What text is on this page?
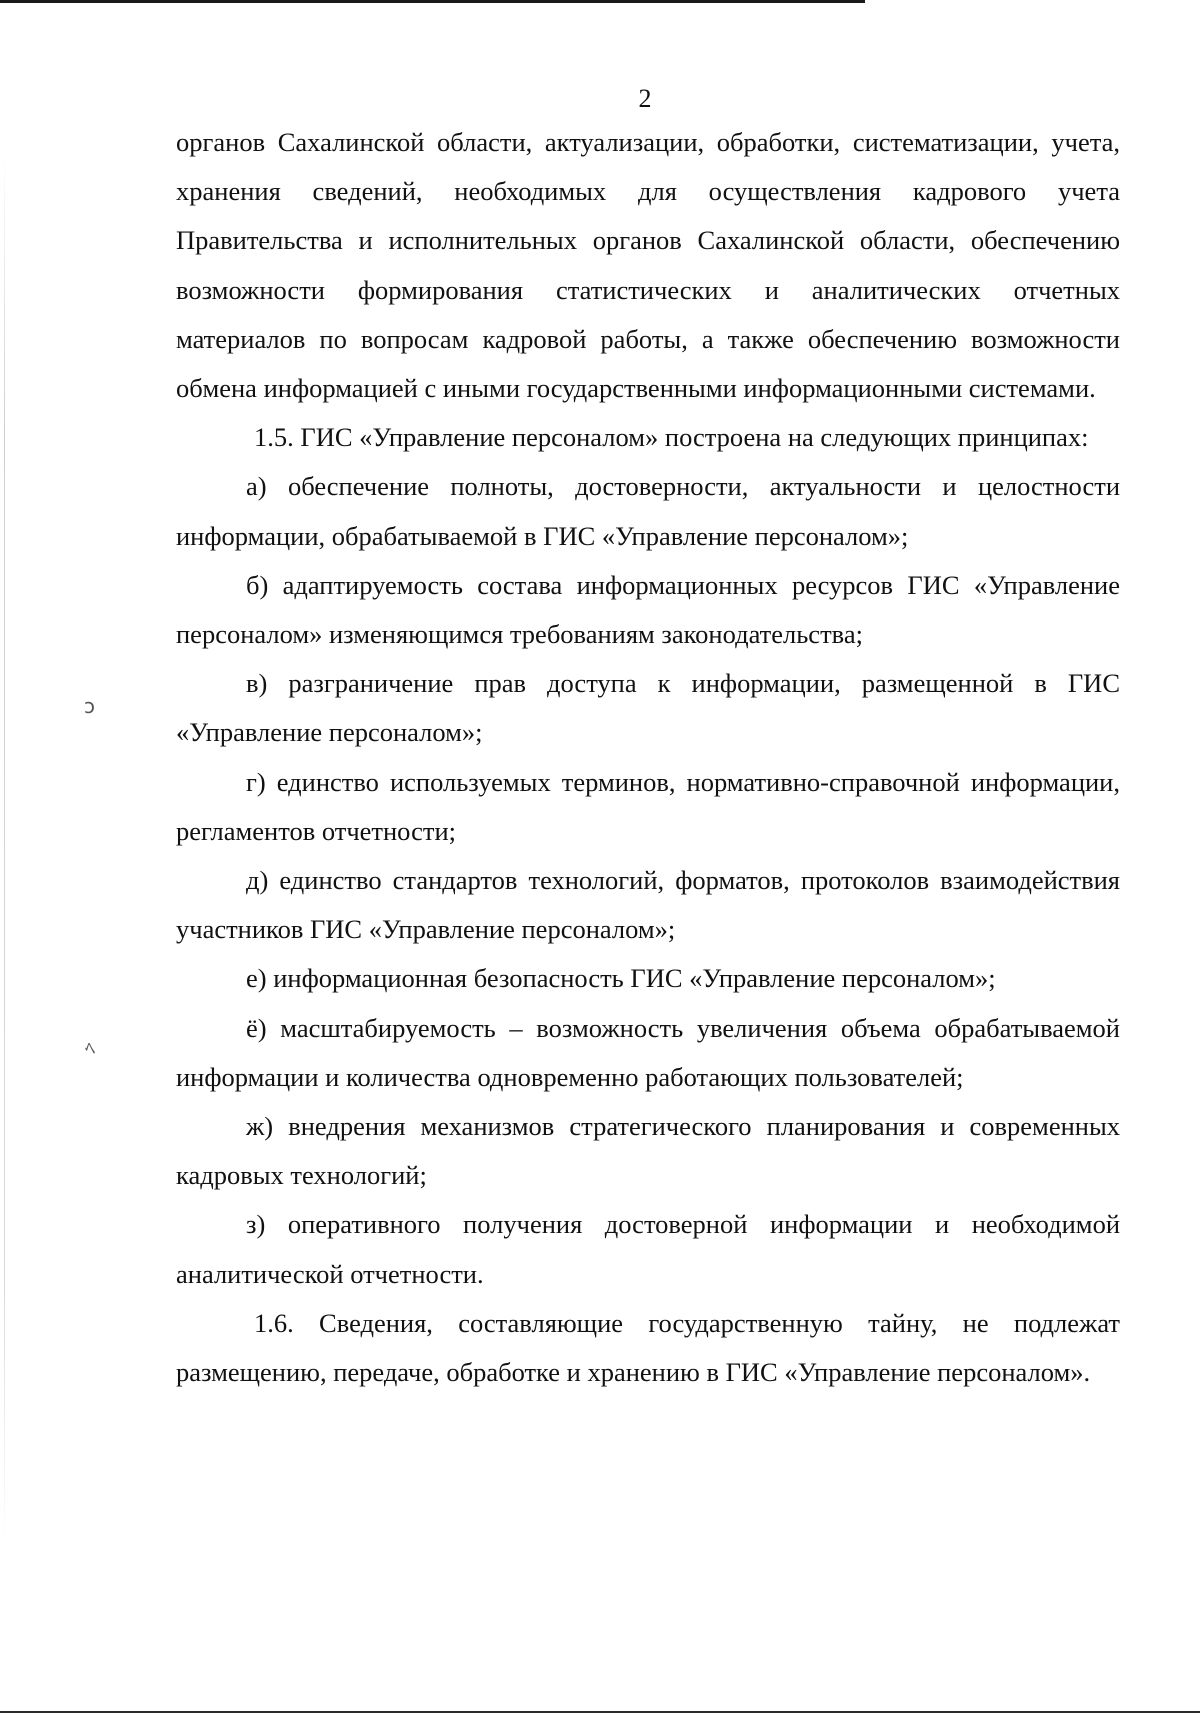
ↄ
ﾍ
2

органов Сахалинской области, актуализации, обработки, систематизации, учета, хранения сведений, необходимых для осуществления кадрового учета Правительства и исполнительных органов Сахалинской области, обеспечению возможности формирования статистических и аналитических отчетных материалов по вопросам кадровой работы, а также обеспечению возможности обмена информацией с иными государственными информационными системами.

1.5. ГИС «Управление персоналом» построена на следующих принципах:

а) обеспечение полноты, достоверности, актуальности и целостности информации, обрабатываемой в ГИС «Управление персоналом»;

б) адаптируемость состава информационных ресурсов ГИС «Управление персоналом» изменяющимся требованиям законодательства;

в) разграничение прав доступа к информации, размещенной в ГИС «Управление персоналом»;

г) единство используемых терминов, нормативно-справочной информации, регламентов отчетности;

д) единство стандартов технологий, форматов, протоколов взаимодействия участников ГИС «Управление персоналом»;

е) информационная безопасность ГИС «Управление персоналом»;

ё) масштабируемость – возможность увеличения объема обрабатываемой информации и количества одновременно работающих пользователей;

ж) внедрения механизмов стратегического планирования и современных кадровых технологий;

з) оперативного получения достоверной информации и необходимой аналитической отчетности.

1.6. Сведения, составляющие государственную тайну, не подлежат размещению, передаче, обработке и хранению в ГИС «Управление персоналом».
